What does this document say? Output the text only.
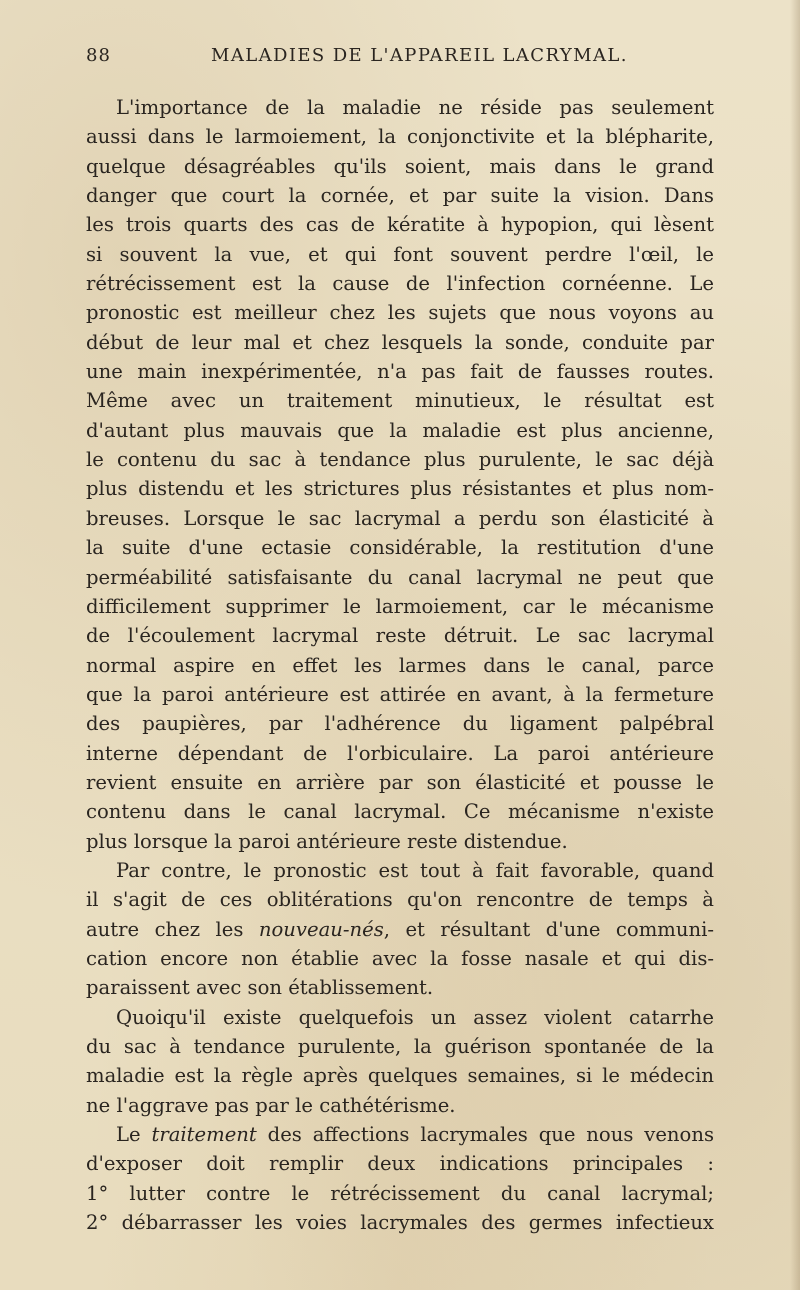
88	MALADIES DE L'APPAREIL LACRYMAL.
L'importance de la maladie ne réside pas seulement
aussi dans le larmoiement, la conjonctivite et la blépharite,
quelque désagréables qu'ils soient, mais dans le grand
danger que court la cornée, et par suite la vision. Dans
les trois quarts des cas de kératite à hypopion, qui lèsent
si souvent la vue, et qui font souvent perdre l'œil, le
rétrécissement est la cause de l'infection cornéenne. Le
pronostic est meilleur chez les sujets que nous voyons au
début de leur mal et chez lesquels la sonde, conduite par
une main inexpérimentée, n'a pas fait de fausses routes.
Même avec un traitement minutieux, le résultat est
d'autant plus mauvais que la maladie est plus ancienne,
le contenu du sac à tendance plus purulente, le sac déjà
plus distendu et les strictures plus résistantes et plus nom-
breuses. Lorsque le sac lacrymal a perdu son élasticité à
la suite d'une ectasie considérable, la restitution d'une
perméabilité satisfaisante du canal lacrymal ne peut que
difficilement supprimer le larmoiement, car le mécanisme
de l'écoulement lacrymal reste détruit. Le sac lacrymal
normal aspire en effet les larmes dans le canal, parce
que la paroi antérieure est attirée en avant, à la fermeture
des paupières, par l'adhérence du ligament palpébral
interne dépendant de l'orbiculaire. La paroi antérieure
revient ensuite en arrière par son élasticité et pousse le
contenu dans le canal lacrymal. Ce mécanisme n'existe
plus lorsque la paroi antérieure reste distendue.
Par contre, le pronostic est tout à fait favorable, quand
il s'agit de ces oblitérations qu'on rencontre de temps à
autre chez les nouveau-nés, et résultant d'une communi-
cation encore non établie avec la fosse nasale et qui dis-
paraissent avec son établissement.
Quoiqu'il existe quelquefois un assez violent catarrhe
du sac à tendance purulente, la guérison spontanée de la
maladie est la règle après quelques semaines, si le médecin
ne l'aggrave pas par le cathétérisme.
Le traitement des affections lacrymales que nous venons
d'exposer doit remplir deux indications principales :
1° lutter contre le rétrécissement du canal lacrymal;
2° débarrasser les voies lacrymales des germes infectieux
